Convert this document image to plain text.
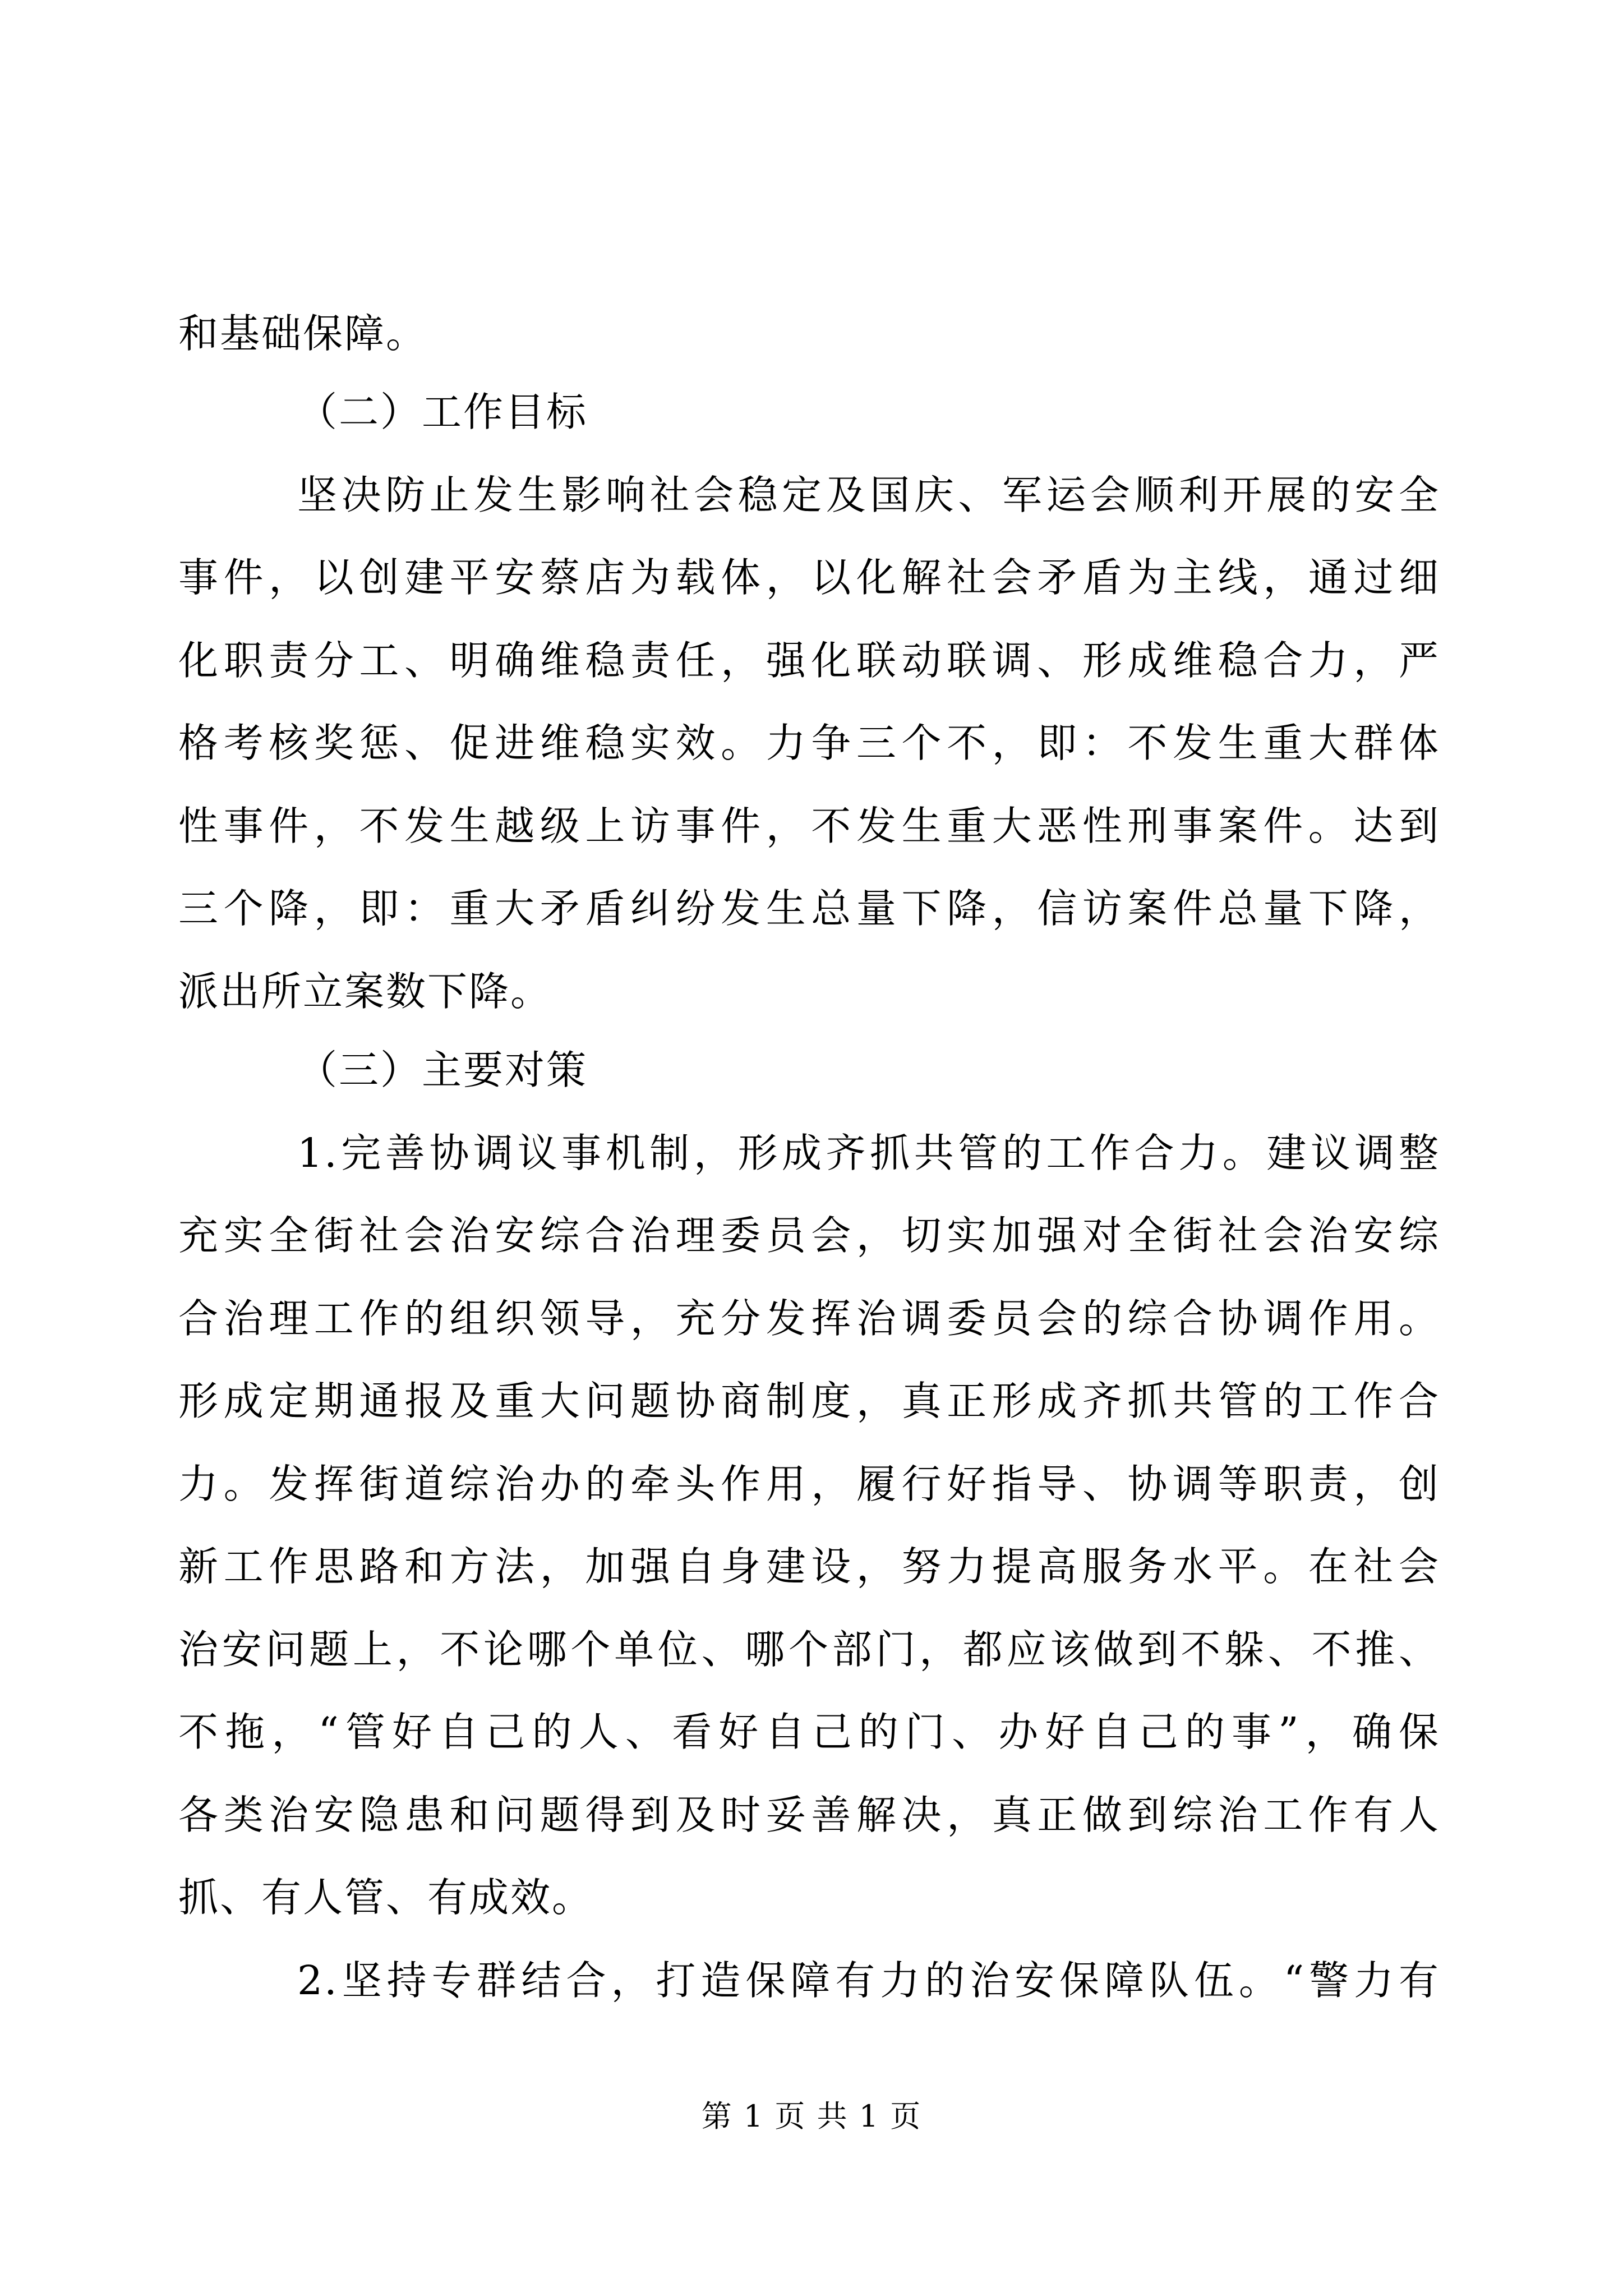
和基础保障。
（二）工作目标
坚决防止发生影响社会稳定及国庆、军运会顺利开展的安全
事件，以创建平安蔡店为载体，以化解社会矛盾为主线，通过细
化职责分工、明确维稳责任，强化联动联调、形成维稳合力，严
格考核奖惩、促进维稳实效。力争三个不，即：不发生重大群体
性事件，不发生越级上访事件，不发生重大恶性刑事案件。达到
三个降，即：重大矛盾纠纷发生总量下降，信访案件总量下降，
派出所立案数下降。
（三）主要对策
1.完善协调议事机制，形成齐抓共管的工作合力。建议调整
充实全街社会治安综合治理委员会，切实加强对全街社会治安综
合治理工作的组织领导，充分发挥治调委员会的综合协调作用。
形成定期通报及重大问题协商制度，真正形成齐抓共管的工作合
力。发挥街道综治办的牵头作用，履行好指导、协调等职责，创
新工作思路和方法，加强自身建设，努力提高服务水平。在社会
治安问题上，不论哪个单位、哪个部门，都应该做到不躲、不推、
不拖，“管好自己的人、看好自己的门、办好自己的事”，确保
各类治安隐患和问题得到及时妥善解决，真正做到综治工作有人
抓、有人管、有成效。
2.坚持专群结合，打造保障有力的治安保障队伍。“警力有
第 1 页 共 1 页
